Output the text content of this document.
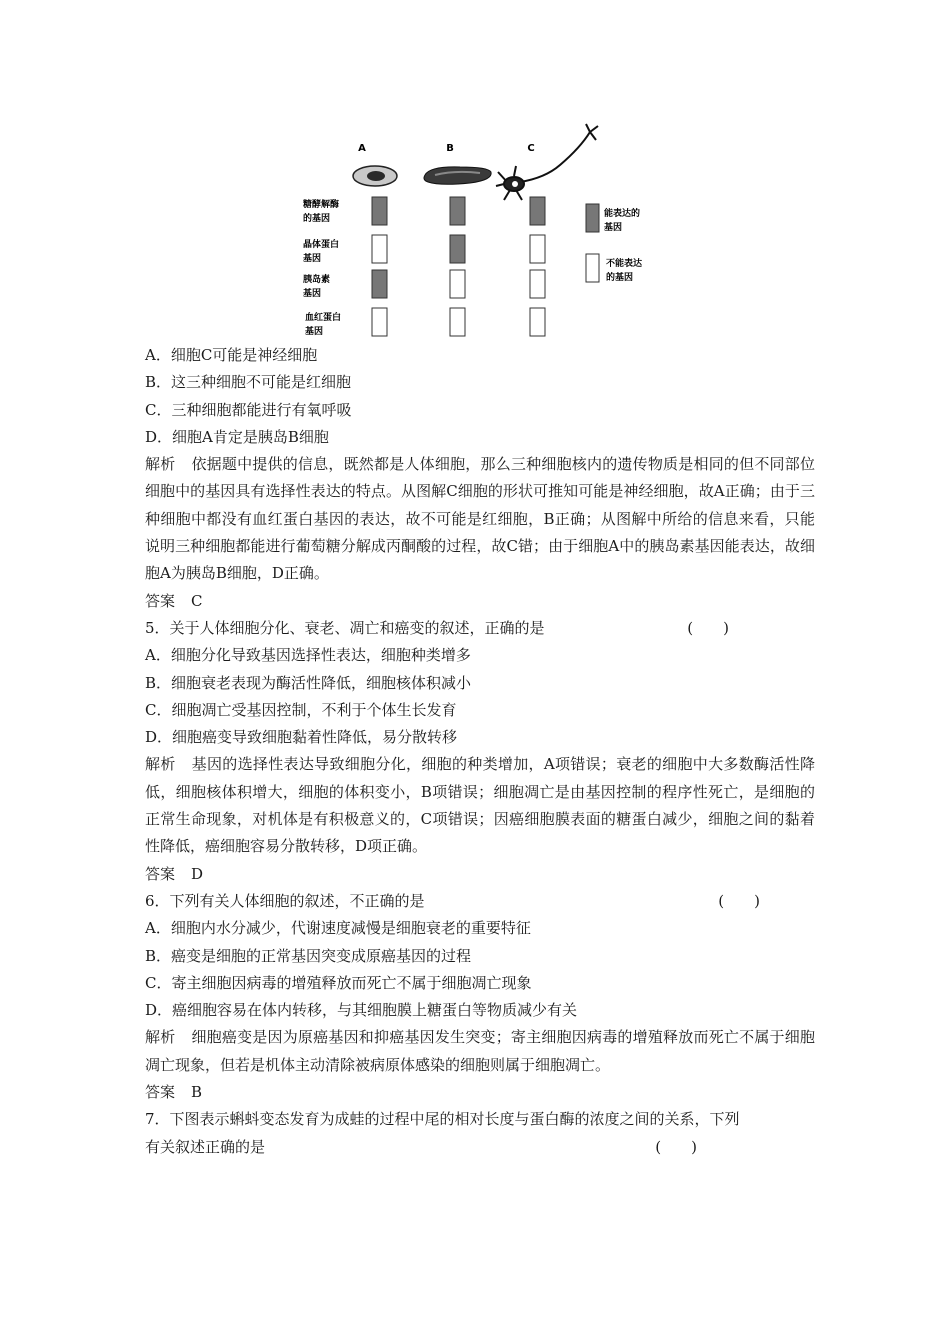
A	B	C
糖酵解酶 的基因
晶体蛋白 基因
胰岛素 基因
血红蛋白 基因
能表达的 基因
不能表达 的基因
A．细胞C可能是神经细胞
B．这三种细胞不可能是红细胞
C．三种细胞都能进行有氧呼吸
D．细胞A肯定是胰岛B细胞
解析 依据题中提供的信息，既然都是人体细胞，那么三种细胞核内的遗传物质是相同的但不同部位细胞中的基因具有选择性表达的特点。从图解C细胞的形状可推知可能是神经细胞，故A正确；由于三种细胞中都没有血红蛋白基因的表达，故不可能是红细胞，B正确；从图解中所给的信息来看，只能说明三种细胞都能进行葡萄糖分解成丙酮酸的过程，故C错；由于细胞A中的胰岛素基因能表达，故细胞A为胰岛B细胞，D正确。
答案 C
5．关于人体细胞分化、衰老、凋亡和癌变的叙述，正确的是	(　　)
A．细胞分化导致基因选择性表达，细胞种类增多
B．细胞衰老表现为酶活性降低，细胞核体积减小
C．细胞凋亡受基因控制，不利于个体生长发育
D．细胞癌变导致细胞黏着性降低，易分散转移
解析 基因的选择性表达导致细胞分化，细胞的种类增加，A项错误；衰老的细胞中大多数酶活性降低，细胞核体积增大，细胞的体积变小，B项错误；细胞凋亡是由基因控制的程序性死亡，是细胞的正常生命现象，对机体是有积极意义的，C项错误；因癌细胞膜表面的糖蛋白减少，细胞之间的黏着性降低，癌细胞容易分散转移，D项正确。
答案 D
6．下列有关人体细胞的叙述，不正确的是	(　　)
A．细胞内水分减少，代谢速度减慢是细胞衰老的重要特征
B．癌变是细胞的正常基因突变成原癌基因的过程
C．寄主细胞因病毒的增殖释放而死亡不属于细胞凋亡现象
D．癌细胞容易在体内转移，与其细胞膜上糖蛋白等物质减少有关
解析 细胞癌变是因为原癌基因和抑癌基因发生突变；寄主细胞因病毒的增殖释放而死亡不属于细胞凋亡现象，但若是机体主动清除被病原体感染的细胞则属于细胞凋亡。
答案 B
7．下图表示蝌蚪变态发育为成蛙的过程中尾的相对长度与蛋白酶的浓度之间的关系，下列
有关叙述正确的是	(　　)
